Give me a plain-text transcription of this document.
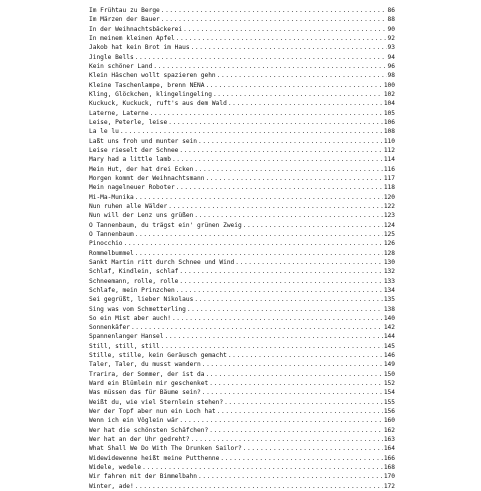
Im Frühtau zu Berge .....	86
Im Märzen der Bauer .....	88
In der Weihnachtsbäckerei .....	90
In meinem kleinen Apfel .....	92
Jakob hat kein Brot im Haus .....	93
Jingle Bells .....	94
Kein schöner Land .....	96
Klein Häschen wollt spazieren gehn .....	98
Kleine Taschenlampe, brenn NENA .....	100
Kling, Glöckchen, klingelingeling .....	102
Kuckuck, Kuckuck, ruft's aus dem Wald .....	104
Laterne, Laterne .....	105
Leise, Peterle, leise .....	106
La le lu .....	108
Laßt uns froh und munter sein .....	110
Leise rieselt der Schnee .....	112
Mary had a little lamb .....	114
Mein Hut, der hat drei Ecken .....	116
Morgen kommt der Weihnachtsmann .....	117
Mein nagelneuer Roboter .....	118
Mi-Ma-Munika .....	120
Nun ruhen alle Wälder .....	122
Nun will der Lenz uns grüßen .....	123
O Tannenbaum, du trägst ein' grünen Zweig .....	124
O Tannenbaum .....	125
Pinocchio .....	126
Rommelbummel .....	128
Sankt Martin ritt durch Schnee und Wind .....	130
Schlaf, Kindlein, schlaf .....	132
Schneemann, rolle, rolle .....	133
Schlafe, mein Prinzchen .....	134
Sei gegrüßt, lieber Nikolaus .....	135
Sing was vom Schmetterling .....	138
So ein Mist aber auch! .....	140
Sonnenkäfer .....	142
Spannenlanger Hansel .....	144
Still, still, still .....	145
Stille, stille, kein Geräusch gemacht .....	146
Taler, Taler, du musst wandern .....	149
Trarira, der Sommer, der ist da .....	150
Ward ein Blümlein mir geschenket .....	152
Was müssen das für Bäume sein? .....	154
Weißt du, wie viel Sternlein stehen? .....	155
Wer der Topf aber nun ein Loch hat .....	156
Wenn ich ein Vöglein wär .....	160
Wer hat die schönsten Schäfchen? .....	162
Wer hat an der Uhr gedreht? .....	163
What Shall We Do With The Drunken Sailor? .....	164
Widewidewenne heißt meine Putthenne .....	166
Widele, wedele .....	168
Wir fahren mit der Bimmelbahn .....	170
Winter, ade! .....	172
